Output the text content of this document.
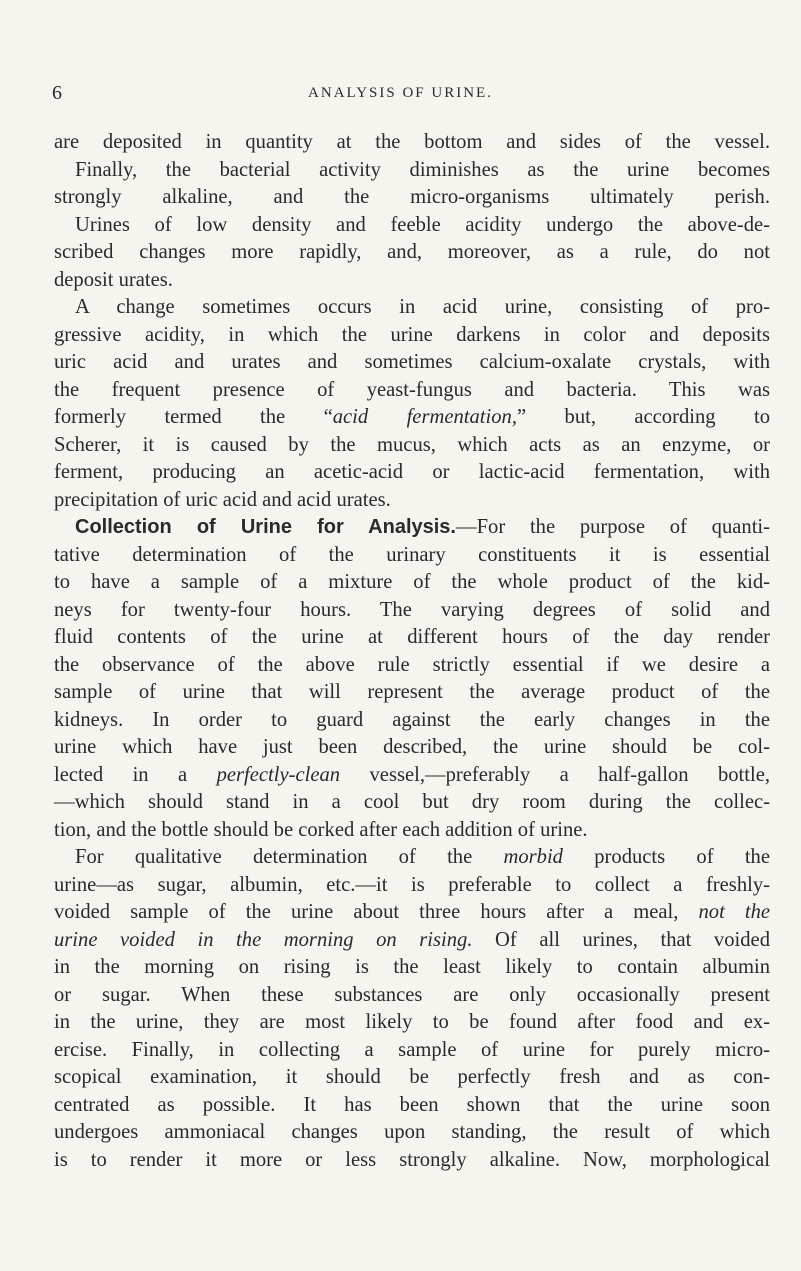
6	ANALYSIS OF URINE.
are deposited in quantity at the bottom and sides of the vessel.
Finally, the bacterial activity diminishes as the urine becomes
strongly alkaline, and the micro-organisms ultimately perish.
Urines of low density and feeble acidity undergo the above-de-
scribed changes more rapidly, and, moreover, as a rule, do not
deposit urates.
A change sometimes occurs in acid urine, consisting of pro-
gressive acidity, in which the urine darkens in color and deposits
uric acid and urates and sometimes calcium-oxalate crystals, with
the frequent presence of yeast-fungus and bacteria. This was
formerly termed the “acid fermentation,” but, according to
Scherer, it is caused by the mucus, which acts as an enzyme, or
ferment, producing an acetic-acid or lactic-acid fermentation, with
precipitation of uric acid and acid urates.
Collection of Urine for Analysis.—For the purpose of quanti-
tative determination of the urinary constituents it is essential
to have a sample of a mixture of the whole product of the kid-
neys for twenty-four hours. The varying degrees of solid and
fluid contents of the urine at different hours of the day render
the observance of the above rule strictly essential if we desire a
sample of urine that will represent the average product of the
kidneys. In order to guard against the early changes in the
urine which have just been described, the urine should be col-
lected in a perfectly-clean vessel,—preferably a half-gallon bottle,
—which should stand in a cool but dry room during the collec-
tion, and the bottle should be corked after each addition of urine.
For qualitative determination of the morbid products of the
urine—as sugar, albumin, etc.—it is preferable to collect a freshly-
voided sample of the urine about three hours after a meal, not the
urine voided in the morning on rising. Of all urines, that voided
in the morning on rising is the least likely to contain albumin
or sugar. When these substances are only occasionally present
in the urine, they are most likely to be found after food and ex-
ercise. Finally, in collecting a sample of urine for purely micro-
scopical examination, it should be perfectly fresh and as con-
centrated as possible. It has been shown that the urine soon
undergoes ammoniacal changes upon standing, the result of which
is to render it more or less strongly alkaline. Now, morphological
